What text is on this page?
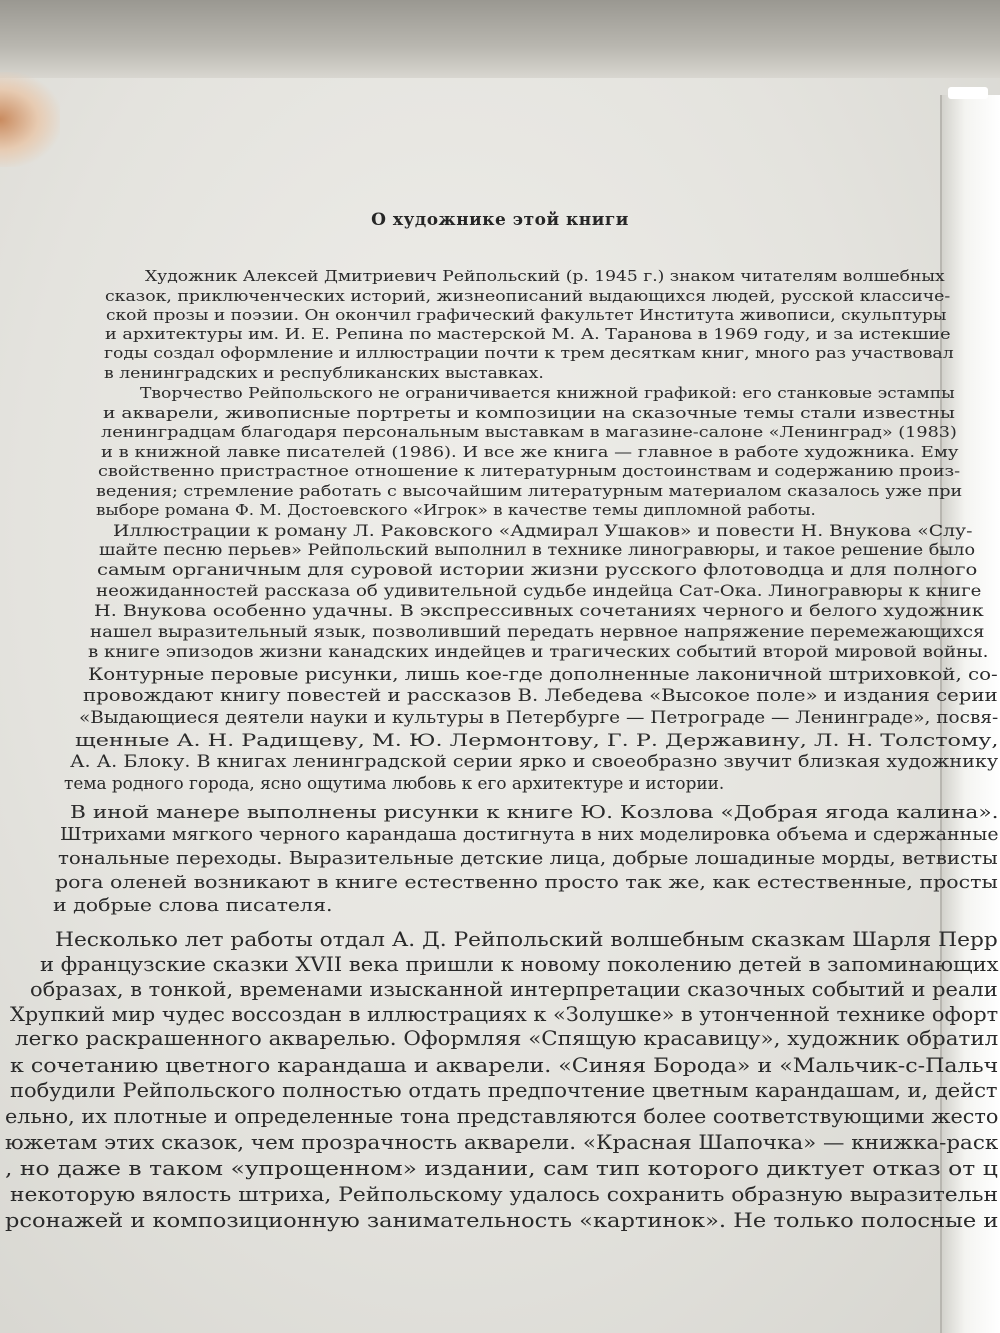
О художнике этой книги
Художник Алексей Дмитриевич Рейпольский (р. 1945 г.) знаком читателям волшебных
сказок, приключенческих историй, жизнеописаний выдающихся людей, русской классиче-
ской прозы и поэзии. Он окончил графический факультет Института живописи, скульптуры
и архитектуры им. И. Е. Репина по мастерской М. А. Таранова в 1969 году, и за истекшие
годы создал оформление и иллюстрации почти к трем десяткам книг, много раз участвовал
в ленинградских и республиканских выставках.
Творчество Рейпольского не ограничивается книжной графикой: его станковые эстампы
и акварели, живописные портреты и композиции на сказочные темы стали известны
ленинградцам благодаря персональным выставкам в магазине-салоне «Ленинград» (1983)
и в книжной лавке писателей (1986). И все же книга — главное в работе художника. Ему
свойственно пристрастное отношение к литературным достоинствам и содержанию произ-
ведения; стремление работать с высочайшим литературным материалом сказалось уже при
выборе романа Ф. М. Достоевского «Игрок» в качестве темы дипломной работы.
Иллюстрации к роману Л. Раковского «Адмирал Ушаков» и повести Н. Внукова «Слу-
шайте песню перьев» Рейпольский выполнил в технике линогравюры, и такое решение было
самым органичным для суровой истории жизни русского флотоводца и для полного
неожиданностей рассказа об удивительной судьбе индейца Сат-Ока. Линогравюры к книге
Н. Внукова особенно удачны. В экспрессивных сочетаниях черного и белого художник
нашел выразительный язык, позволивший передать нервное напряжение перемежающихся
в книге эпизодов жизни канадских индейцев и трагических событий второй мировой войны.
Контурные перовые рисунки, лишь кое-где дополненные лаконичной штриховкой, со-
провождают книгу повестей и рассказов В. Лебедева «Высокое поле» и издания серии
«Выдающиеся деятели науки и культуры в Петербурге — Петрограде — Ленинграде», посвя-
щенные А. Н. Радищеву, М. Ю. Лермонтову, Г. Р. Державину, Л. Н. Толстому,
А. А. Блоку. В книгах ленинградской серии ярко и своеобразно звучит близкая художнику
тема родного города, ясно ощутима любовь к его архитектуре и истории.
В иной манере выполнены рисунки к книге Ю. Козлова «Добрая ягода калина».
Штрихами мягкого черного карандаша достигнута в них моделировка объема и сдержанные
тональные переходы. Выразительные детские лица, добрые лошадиные морды, ветвисты
рога оленей возникают в книге естественно просто так же, как естественные, просты
и добрые слова писателя.
Несколько лет работы отдал А. Д. Рейпольский волшебным сказкам Шарля Перр
и французские сказки XVII века пришли к новому поколению детей в запоминающих
образах, в тонкой, временами изысканной интерпретации сказочных событий и реали
Хрупкий мир чудес воссоздан в иллюстрациях к «Золушке» в утонченной технике офорт
легко раскрашенного акварелью. Оформляя «Спящую красавицу», художник обратил
к сочетанию цветного карандаша и акварели. «Синяя Борода» и «Мальчик-с-Пальч
побудили Рейпольского полностью отдать предпочтение цветным карандашам, и, дейст
ельно, их плотные и определенные тона представляются более соответствующими жесто
южетам этих сказок, чем прозрачность акварели. «Красная Шапочка» — книжка-раск
, но даже в таком «упрощенном» издании, сам тип которого диктует отказ от ц
некоторую вялость штриха, Рейпольскому удалось сохранить образную выразительн
рсонажей и композиционную занимательность «картинок». Не только полосные и
